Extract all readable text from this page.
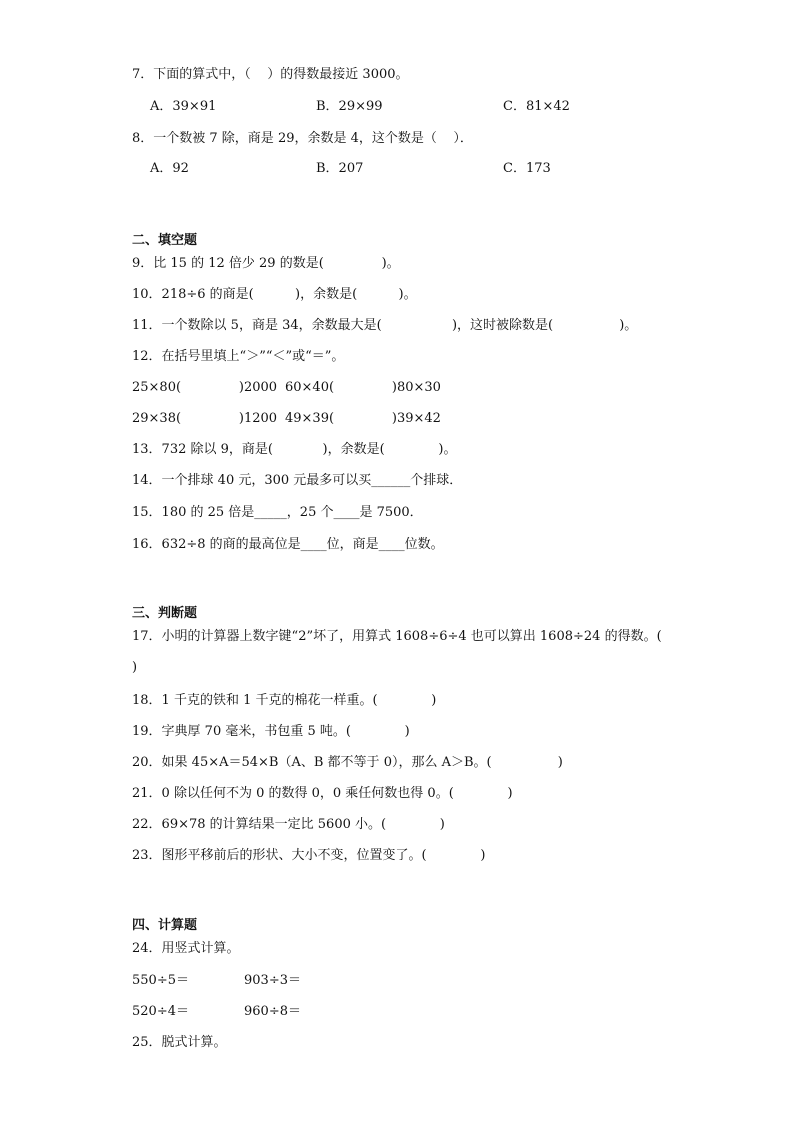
7．下面的算式中，（    ）的得数最接近 3000。
A．39×91	B．29×99	C．81×42
8．一个数被 7 除，商是 29，余数是 4，这个数是（    ）．
A．92	B．207	C．173
二、填空题
9．比 15 的 12 倍少 29 的数是(              )。
10．218÷6 的商是(          )，余数是(          )。
11．一个数除以 5，商是 34，余数最大是(                 )，这时被除数是(                )。
12．在括号里填上“＞”“＜”或“＝”。
25×80(              )2000 60×40(              )80×30
29×38(              )1200 49×39(              )39×42
13．732 除以 9，商是(            )，余数是(             )。
14．一个排球 40 元，300 元最多可以买______个排球．
15．180 的 25 倍是_____，25 个____是 7500．
16．632÷8 的商的最高位是____位，商是____位数。
三、判断题
17．小明的计算器上数字键“2”坏了，用算式 1608÷6÷4 也可以算出 1608÷24 的得数。(
)
18．1 千克的铁和 1 千克的棉花一样重。(             )
19．字典厚 70 毫米，书包重 5 吨。(             )
20．如果 45×A＝54×B（A、B 都不等于 0），那么 A＞B。(                )
21．0 除以任何不为 0 的数得 0，0 乘任何数也得 0。(             )
22．69×78 的计算结果一定比 5600 小。(             )
23．图形平移前后的形状、大小不变，位置变了。(             )
四、计算题
24．用竖式计算。
550÷5＝	903÷3＝
520÷4＝	960÷8＝
25．脱式计算。
